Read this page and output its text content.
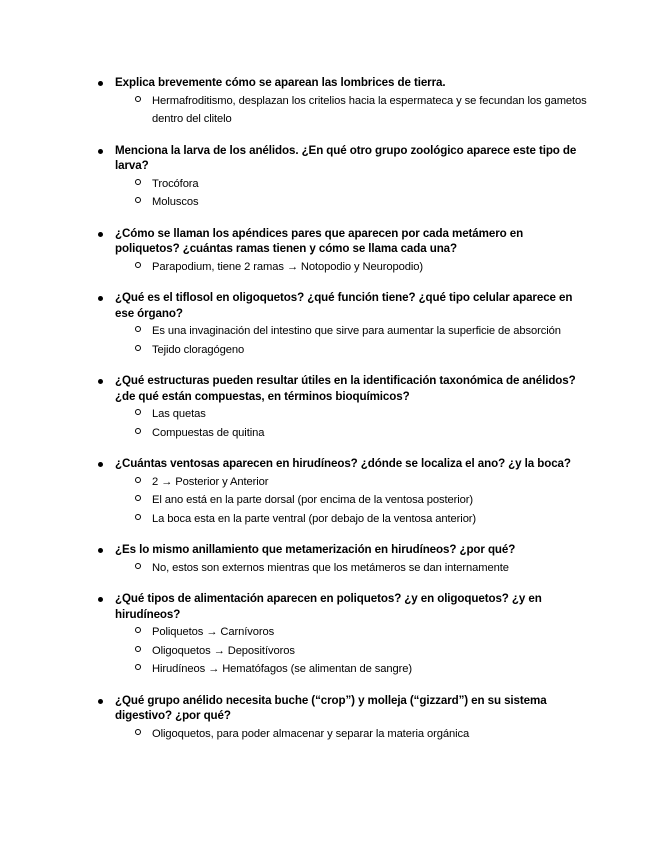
Explica brevemente cómo se aparean las lombrices de tierra.

Hermafroditismo, desplazan los critelios hacia la espermateca y se fecundan los gametos dentro del clitelo

Menciona la larva de los anélidos. ¿En qué otro grupo zoológico aparece este tipo de larva?

Trocófora
Moluscos

¿Cómo se llaman los apéndices pares que aparecen por cada metámero en poliquetos? ¿cuántas ramas tienen y cómo se llama cada una?

Parapodium, tiene 2 ramas → Notopodio y Neuropodio)

¿Qué es el tiflosol en oligoquetos? ¿qué función tiene? ¿qué tipo celular aparece en ese órgano?

Es una invaginación del intestino que sirve para aumentar la superficie de absorción
Tejido cloragógeno

¿Qué estructuras pueden resultar útiles en la identificación taxonómica de anélidos? ¿de qué están compuestas, en términos bioquímicos?

Las quetas
Compuestas de quitina

¿Cuántas ventosas aparecen en hirudíneos? ¿dónde se localiza el ano? ¿y la boca?

2 → Posterior y Anterior
El ano está en la parte dorsal (por encima de la ventosa posterior)
La boca esta en la parte ventral (por debajo de la ventosa anterior)

¿Es lo mismo anillamiento que metamerización en hirudíneos? ¿por qué?

No, estos son externos mientras que los metámeros se dan internamente

¿Qué tipos de alimentación aparecen en poliquetos? ¿y en oligoquetos? ¿y en hirudíneos?

Poliquetos → Carnívoros
Oligoquetos → Depositívoros
Hirudíneos → Hematófagos (se alimentan de sangre)

¿Qué grupo anélido necesita buche (“crop”) y molleja (“gizzard”) en su sistema digestivo? ¿por qué?

Oligoquetos, para poder almacenar y separar la materia orgánica
